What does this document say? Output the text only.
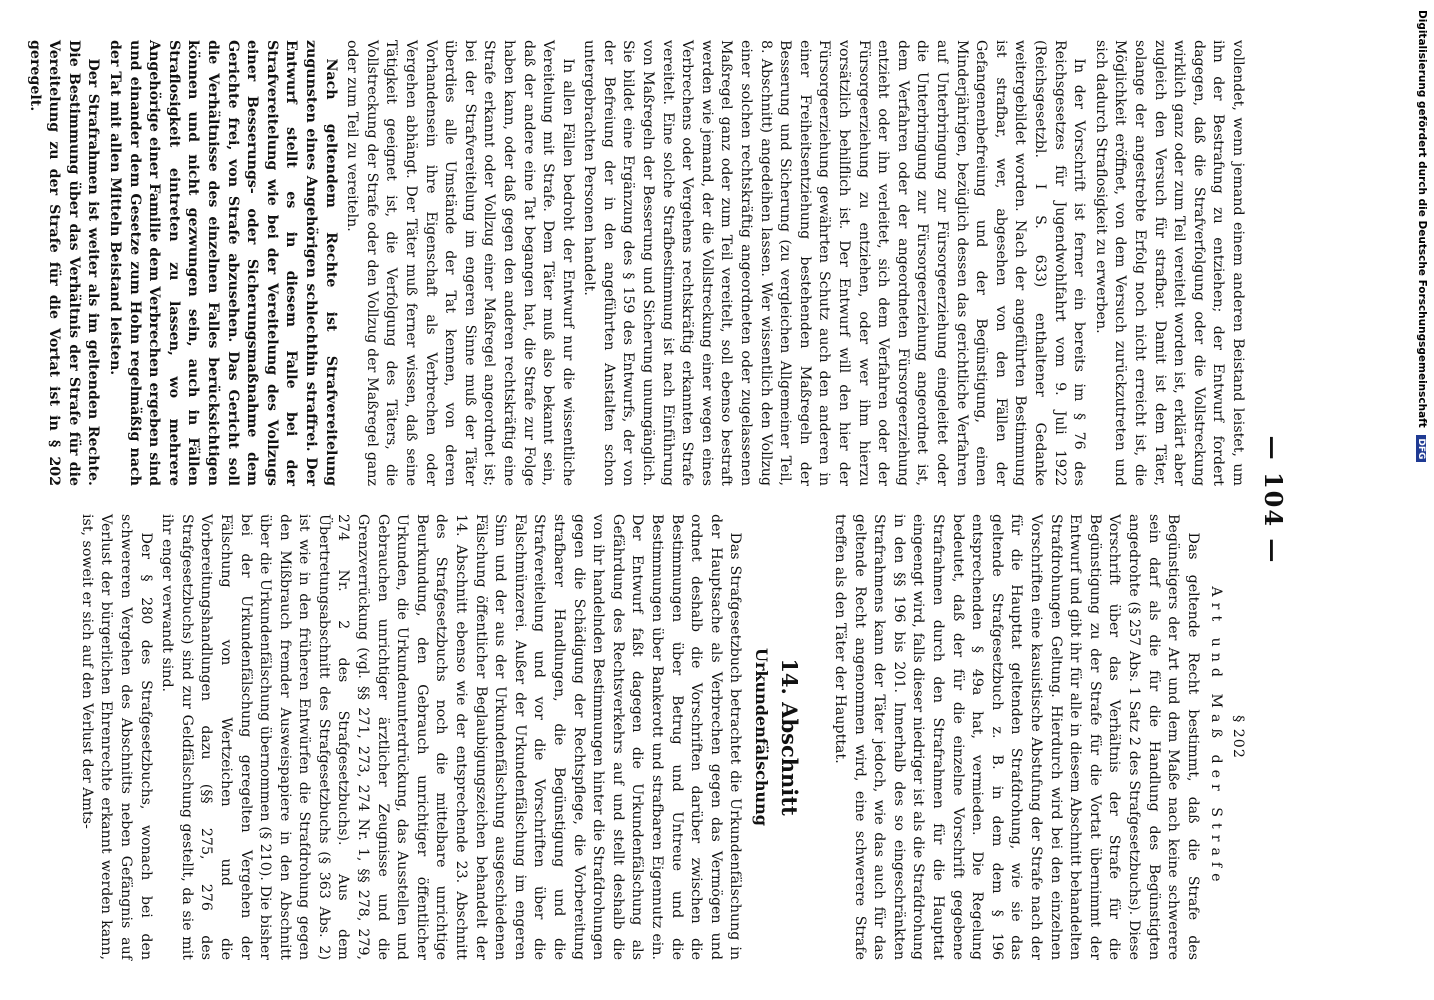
— 104 —

vollendet, wenn jemand einem anderen Beistand leistet, um ihn der Bestrafung zu entziehen; der Entwurf fordert dagegen, daß die Strafverfolgung oder die Vollstreckung wirklich ganz oder zum Teil vereitelt worden ist, erklärt aber zugleich den Versuch für strafbar. Damit ist dem Täter, solange der angestrebte Erfolg noch nicht erreicht ist, die Möglichkeit eröffnet, von dem Versuch zurückzutreten und sich dadurch Straflosigkeit zu erwerben.

In der Vorschrift ist ferner ein bereits im § 76 des Reichsgesetzes für Jugendwohlfahrt vom 9. Juli 1922 (Reichsgesetzbl. I S. 633) enthaltener Gedanke weitergebildet worden. Nach der angeführten Bestimmung ist strafbar, wer, abgesehen von den Fällen der Gefangenenbefreiung und der Begünstigung, einen Minderjährigen, bezüglich dessen das gerichtliche Verfahren auf Unterbringung zur Fürsorgeerziehung eingeleitet oder die Unterbringung zur Fürsorgeerziehung angeordnet ist, dem Verfahren oder der angeordneten Fürsorgeerziehung entzieht oder ihn verleitet, sich dem Verfahren oder der Fürsorgeerziehung zu entziehen, oder wer ihm hierzu vorsätzlich behilflich ist. Der Entwurf will den hier der Fürsorgeerziehung gewährten Schutz auch den anderen in einer Freiheitsentziehung bestehenden Maßregeln der Besserung und Sicherung (zu vergleichen Allgemeiner Teil, 8. Abschnitt) angedeihen lassen. Wer wissentlich den Vollzug einer solchen rechtskräftig angeordneten oder zugelassenen Maßregel ganz oder zum Teil vereitelt, soll ebenso bestraft werden wie jemand, der die Vollstreckung einer wegen eines Verbrechens oder Vergehens rechtskräftig erkannten Strafe vereitelt. Eine solche Strafbestimmung ist nach Einführung von Maßregeln der Besserung und Sicherung unumgänglich. Sie bildet eine Ergänzung des § 159 des Entwurfs, der von der Befreiung der in den angeführten Anstalten schon untergebrachten Personen handelt.

In allen Fällen bedroht der Entwurf nur die wissentliche Vereitelung mit Strafe. Dem Täter muß also bekannt sein, daß der andere eine Tat begangen hat, die Strafe zur Folge haben kann, oder daß gegen den anderen rechtskräftig eine Strafe erkannt oder Vollzug einer Maßregel angeordnet ist; bei der Strafvereitelung im engeren Sinne muß der Täter überdies alle Umstände der Tat kennen, von deren Vorhandensein ihre Eigenschaft als Verbrechen oder Vergehen abhängt. Der Täter muß ferner wissen, daß seine Tätigkeit geeignet ist, die Verfolgung des Täters, die Vollstreckung der Strafe oder den Vollzug der Maßregel ganz oder zum Teil zu vereiteln.

Nach geltendem Rechte ist Strafvereitelung zugunsten eines Angehörigen schlechthin straffrei. Der Entwurf stellt es in diesem Falle bei der Strafvereitelung wie bei der Vereitelung des Vollzugs einer Besserungs- oder Sicherungsmaßnahme dem Gerichte frei, von Strafe abzusehen. Das Gericht soll die Verhältnisse des einzelnen Falles berücksichtigen können und nicht gezwungen sein, auch in Fällen Straflosigkeit eintreten zu lassen, wo mehrere Angehörige einer Familie dem Verbrechen ergeben sind und einander dem Gesetze zum Hohn regelmäßig nach der Tat mit allen Mitteln Beistand leisten.

Der Strafrahmen ist weiter als im geltenden Rechte. Die Bestimmung über das Verhältnis der Strafe für die Vereitelung zu der Strafe für die Vortat ist in § 202 geregelt.

§ 202
Art und Maß der Strafe

Das geltende Recht bestimmt, daß die Strafe des Begünstigers der Art und dem Maße nach keine schwerere sein darf als die für die Handlung des Begünstigten angedrohte (§ 257 Abs. 1 Satz 2 des Strafgesetzbuchs). Diese Vorschrift über das Verhältnis der Strafe für die Begünstigung zu der Strafe für die Vortat übernimmt der Entwurf und gibt ihr für alle in diesem Abschnitt behandelten Strafdrohungen Geltung. Hierdurch wird bei den einzelnen Vorschriften eine kasuistische Abstufung der Strafe nach der für die Haupttat geltenden Strafdrohung, wie sie das geltende Strafgesetzbuch z. B. in dem dem § 196 entsprechenden § 49a hat, vermieden. Die Regelung bedeutet, daß der für die einzelne Vorschrift gegebene Strafrahmen durch den Strafrahmen für die Haupttat eingeengt wird, falls dieser niedriger ist als die Strafdrohung in den §§ 196 bis 201. Innerhalb des so eingeschränkten Strafrahmens kann der Täter jedoch, wie das auch für das geltende Recht angenommen wird, eine schwerere Strafe treffen als den Täter der Haupttat.

14. Abschnitt
Urkundenfälschung

Das Strafgesetzbuch betrachtet die Urkundenfälschung in der Hauptsache als Verbrechen gegen das Vermögen und ordnet deshalb die Vorschriften darüber zwischen die Bestimmungen über Betrug und Untreue und die Bestimmungen über Bankerott und strafbaren Eigennutz ein. Der Entwurf faßt dagegen die Urkundenfälschung als Gefährdung des Rechtsverkehrs auf und stellt deshalb die von ihr handelnden Bestimmungen hinter die Strafdrohungen gegen die Schädigung der Rechtspflege, die Vorbereitung strafbarer Handlungen, die Begünstigung und die Strafvereitelung und vor die Vorschriften über die Falschmünzerei. Außer der Urkundenfälschung im engeren Sinn und der aus der Urkundenfälschung ausgeschiedenen Fälschung öffentlicher Beglaubigungszeichen behandelt der 14. Abschnitt ebenso wie der entsprechende 23. Abschnitt des Strafgesetzbuchs noch die mittelbare unrichtige Beurkundung, den Gebrauch unrichtiger öffentlicher Urkunden, die Urkundenunterdrückung, das Ausstellen und Gebrauchen unrichtiger ärztlicher Zeugnisse und die Grenzverrückung (vgl. §§ 271, 273, 274 Nr. 1, §§ 278, 279, 274 Nr. 2 des Strafgesetzbuchs). Aus dem Übertretungsabschnitt des Strafgesetzbuchs (§ 363 Abs. 2) ist wie in den früheren Entwürfen die Strafdrohung gegen den Mißbrauch fremder Ausweispapiere in den Abschnitt über die Urkundenfälschung übernommen (§ 210). Die bisher bei der Urkundenfälschung geregelten Vergehen der Fälschung von Wertzeichen und die Vorbereitungshandlungen dazu (§§ 275, 276 des Strafgesetzbuchs) sind zur Geldfälschung gestellt, da sie mit ihr enger verwandt sind.

Der § 280 des Strafgesetzbuchs, wonach bei den schwereren Vergehen des Abschnitts neben Gefängnis auf Verlust der bürgerlichen Ehrenrechte erkannt werden kann, ist, soweit er sich auf den Verlust der Amts-

Digitalisierung gefördert durch die Deutsche Forschungsgemeinschaft DFG
